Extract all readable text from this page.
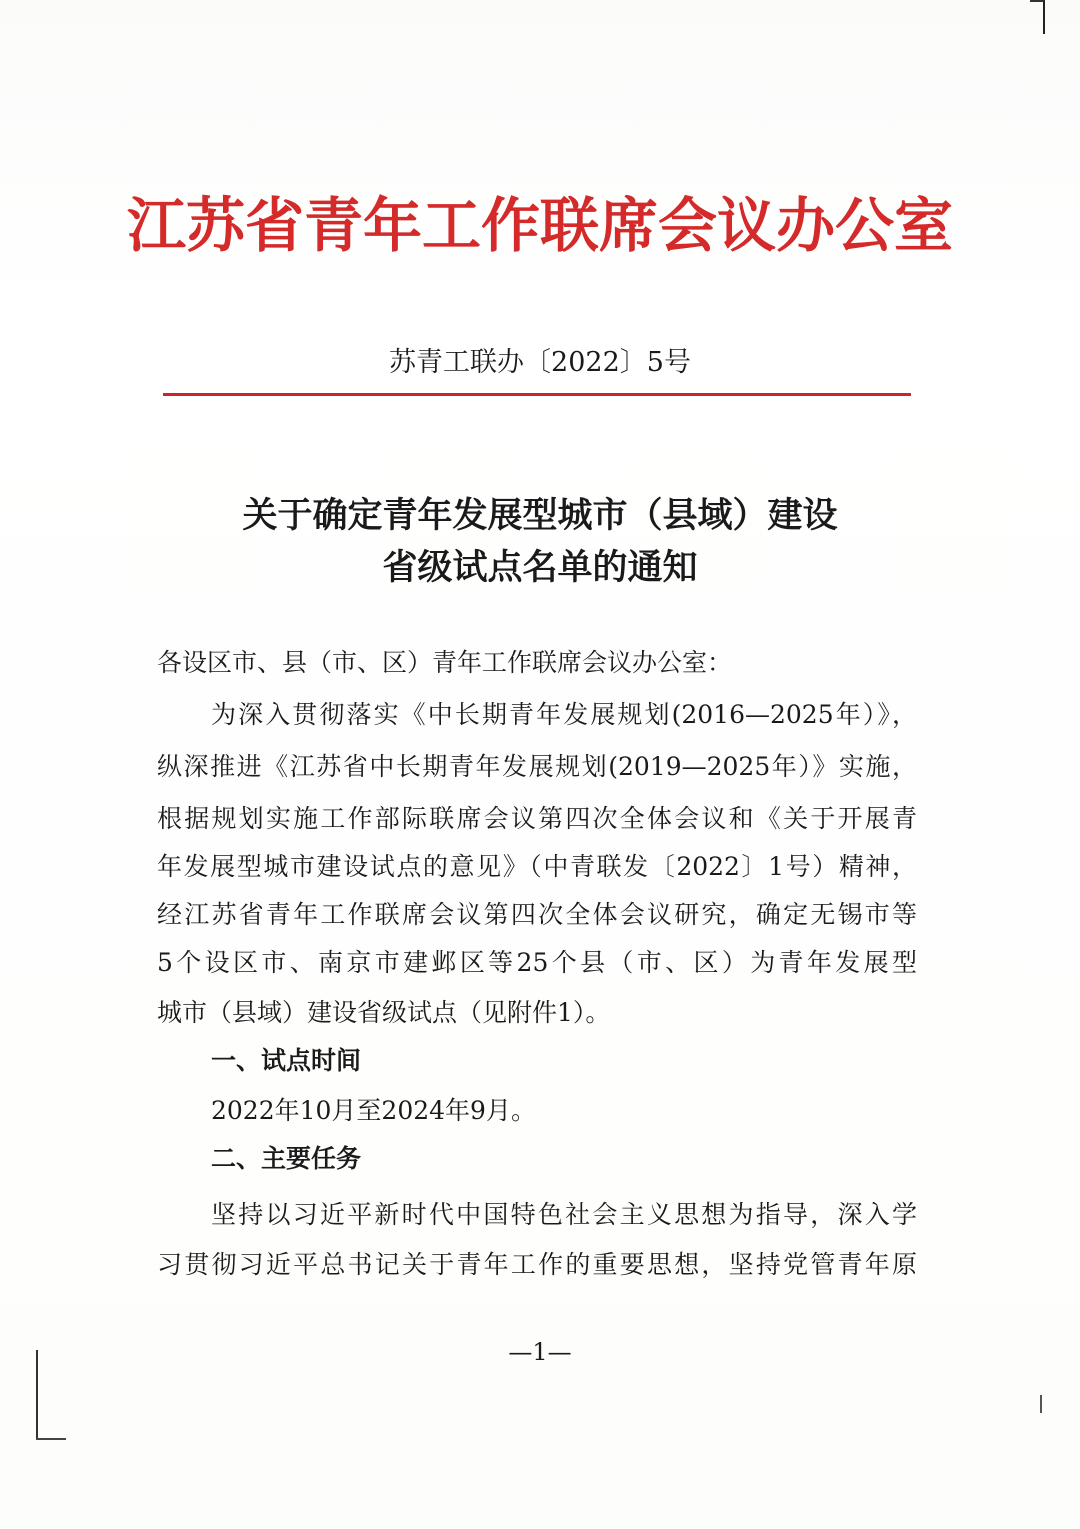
江苏省青年工作联席会议办公室
苏青工联办〔2022〕5号
关于确定青年发展型城市（县域）建设
省级试点名单的通知
各设区市、县（市、区）青年工作联席会议办公室：
为深入贯彻落实《中长期青年发展规划(2016—2025年）》，
纵深推进《江苏省中长期青年发展规划(2019—2025年）》实施，
根据规划实施工作部际联席会议第四次全体会议和《关于开展青
年发展型城市建设试点的意见》（中青联发〔2022〕1号）精神，
经江苏省青年工作联席会议第四次全体会议研究，确定无锡市等
5个设区市、南京市建邺区等25个县（市、区）为青年发展型
城市（县域）建设省级试点（见附件1）。
一、试点时间
2022年10月至2024年9月。
二、主要任务
坚持以习近平新时代中国特色社会主义思想为指导，深入学
习贯彻习近平总书记关于青年工作的重要思想，坚持党管青年原
—1—
